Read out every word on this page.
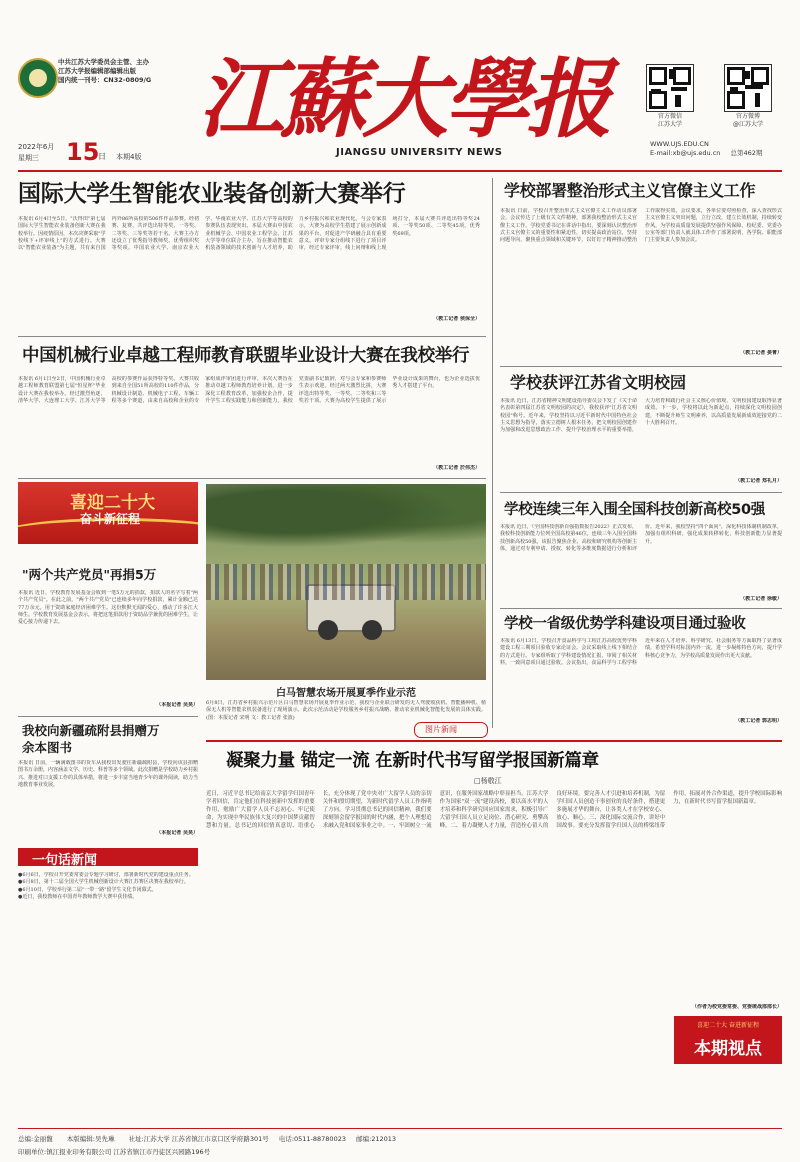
中共江苏大学委员会主管、主办
江苏大学报编辑部编辑出版
国内统一刊号：CN32-0809/G 江蘇大學报
JIANGSU UNIVERSITY NEWS
2022年6月
星期三 15
日 本期4版
官方微信
江苏大学
官方微博
@江苏大学
WWW.UJS.EDU.CN
E-mail:xb@ujs.edu.cn 总第462期
国际大学生智能农业装备创新大赛举行
本报讯 6月4日至5日，"沃得田"第七届国际大学生智能农业装备创新大赛在我校举行。因疫情原因，本次决赛采取"学校线下+评审线上"的方式进行。大赛以"智能农业装备"为主题，共有来自国内外86所高校的506件作品参赛。经初赛、复赛，共评选出特等奖、一等奖、二等奖、三等奖等若干名。大赛主办方还设立了优秀指导教师奖、优秀组织奖等奖项。中国农业大学、南京农业大学、华南农业大学、江苏大学等高校的参赛队伍表现突出。本届大赛由中国农业机械学会、中国农业工程学会、江苏大学等单位联合主办，旨在推动智能农机装备领域的技术创新与人才培养，助力乡村振兴和农业现代化。与会专家表示，大赛为高校学生搭建了展示创新成果的平台，对促进产学研融合具有重要意义。评审专家分组线下进行了项目评审，经过专家评审，线上问辩和线上现场打分，本届大赛共评选出特等奖24项、一等奖50项、二等奖45项，优秀奖69项。
（教工记者 侯保全）
中国机械行业卓越工程师教育联盟毕业设计大赛在我校举行
本报讯 6月1日至2日，中国机械行业卓越工程师教育联盟第七届"恒星杯"毕业设计大赛在我校举办。经过激烈角逐，清华大学、大连理工大学、江苏大学等高校的参赛作品获得特等奖。大赛共收到来自全国51所高校的110件作品，分机械设计制造、机械电子工程、车辆工程等多个赛道，由来自高校和企业的专家组成评审团进行评审。本次大赛旨在推动卓越工程师教育培养计划，进一步深化工程教育改革，加强校企合作，提升学生工程实践能力和创新能力。我校党委副书记致辞，对与会专家和参赛师生表示欢迎。经过两天激烈比拼，大赛评选出特等奖、一等奖、二等奖和三等奖若干项。大赛为高校学生提供了展示毕业设计成果的舞台，也为企业选拔优秀人才搭建了平台。
（教工记者 於伟杰）
学校部署整治形式主义官僚主义工作
本报讯 日前，学校召开整治形式主义官僚主义工作动员部署会，会议传达了上级有关文件精神，部署我校整治形式主义官僚主义工作。学校党委书记在讲话中指出，要深刻认识整治形式主义官僚主义的重要性和紧迫性，切实提高政治站位，坚持问题导向，聚焦重点领域和关键环节，以钉钉子精神推动整治工作取得实效。会议要求，各单位要对照检查，深入查找形式主义官僚主义突出问题，立行立改，建立长效机制，持续转变作风，为学校高质量发展提供坚强作风保障。校纪委、党委办公室等部门负责人就具体工作作了部署说明，各学院、职能部门主要负责人参加会议。
（教工记者 晏菁）
学校获评江苏省文明校园
本报讯 近日，江苏省精神文明建设指导委员会下发了《关于命名表彰第四届江苏省文明校园的决定》，我校获评"江苏省文明校园"称号。近年来，学校坚持以习近平新时代中国特色社会主义思想为指导，落实立德树人根本任务，把文明校园创建作为加强和改进思想政治工作、提升学校治理水平的重要举措，大力培育和践行社会主义核心价值观，文明校园建设取得显著成效。下一步，学校将以此为新起点，持续深化文明校园创建，不断提升师生文明素养，以高质量发展新成效迎接党的二十大胜利召开。
（教工记者 郑礼月）
学校连续三年入围全国科技创新高校50强
本报讯 近日，《全国科技创新百强指数报告2022》正式发布，我校科技创新能力位列全国高校第46位，连续三年入围全国科技创新高校50强。该报告聚焦企业、高校和研究机构等创新主体，通过对专利申请、授权、转化等多维度数据进行分析和评价。近年来，我校坚持"四个面向"，深化科技体制机制改革，加强有组织科研，强化成果转移转化，科技创新能力显著提升。
（教工记者 徐敏）
学校一省级优势学科建设项目通过验收
本报讯 6月13日，学校召开食品科学与工程江苏高校优势学科建设工程三期项目验收专家论证会。会议采取线上线下相结合的方式进行。专家组听取了学科建设情况汇报，审阅了相关材料，一致同意项目通过验收。会议指出，食品科学与工程学科近年来在人才培养、科学研究、社会服务等方面取得了显著成绩，希望学科对标国内外一流，进一步凝练特色方向，提升学科核心竞争力，为学校高质量发展作出更大贡献。
（教工记者 郭志明）
喜迎二十大
奋斗新征程
"两个共产党员"再捐5万
本报讯 近日，学校教育发展基金会收到一笔5万元的捐款，捐款人的名字写着"两个共产党员"。在此之前，"两个共产党员"已连续多年向学校捐款，累计金额已达77万余元，用于资助家庭经济困难学生。这份默默无闻的爱心，感动了许多江大师生。学校教育发展基金会表示，将把这笔捐款用于资助品学兼优的困难学生，让爱心接力传递下去。
（本报记者 吴昊）
我校向新疆疏附县捐赠万余本图书
本报讯 日前，一辆满载图书的货车从我校出发驶往新疆疏附县，学校向该县捐赠图书万余册，内容涵盖文学、历史、科普等多个领域。此次捐赠是学校助力乡村振兴、推进对口支援工作的具体举措，将进一步丰富当地青少年的课外阅读，助力当地教育事业发展。
（本报记者 吴昊）
一句话新闻
●6月6日，学校召开党委常委会专题学习研讨，部署新时代党的建设重点任务。
●6月8日，第十二届全国大学生机械创新设计大赛江苏赛区决赛在我校举行。
●6月10日，学校举行第二届"一带一路"留学生文化节闭幕式。
●近日，我校教师在中国青年教师教学大赛中获佳绩。
白马智慧农场开展夏季作业示范
6月8日，江苏省乡村振兴示范片区白马智慧农场开展夏季作业示范，我校与企业联合研发的无人驾驶收获机、智能播种机、植保无人机等智能农机装备进行了现场演示。此次示范活动是学校服务乡村振兴战略、推动农业机械化智能化发展的具体实践。(图：本报记者 宋明 文：教工记者 张波)
图片新闻
凝聚力量 锚定一流 在新时代书写留学报国新篇章
□杨敬江
近日，习近平总书记给南京大学留学归国青年学者回信，肯定他们在科技创新中发挥的重要作用，勉励广大留学人员不忘初心、牢记使命，为实现中华民族伟大复兴的中国梦贡献智慧和力量。总书记的回信情真意切、语重心长，充分体现了党中央对广大留学人员的亲切关怀和殷切期望，为新时代留学人员工作指明了方向。学习贯彻总书记的回信精神，我们要深刻领会留学报国的时代内涵，把个人理想追求融入党和国家事业之中。一、牢固树立一流意识，在服务国家战略中彰显担当。江苏大学作为国家"双一流"建设高校，要以高水平的人才培养和科学研究回应国家需求，积极引导广大留学归国人员立足岗位、潜心研究、勇攀高峰。二、着力凝聚人才力量，营造拴心留人的良好环境。要完善人才引进和培养机制，为留学归国人员创造干事创业的良好条件，搭建更多施展才华的舞台，让各类人才在学校安心、放心、顺心。三、深化国际交流合作，讲好中国故事。要充分发挥留学归国人员的桥梁纽带作用，拓展对外合作渠道，提升学校国际影响力，在新时代书写留学报国新篇章。
（作者为校党委常委、党委统战部部长）
喜迎二十大 奋进新征程
本期视点
总编:金丽馥 本版编辑:吴先琳 社址:江苏大学 江苏省镇江市京口区学府路301号 电话:0511-88780023 邮编:212013
印刷单位:镇江报业印务有限公司 江苏省镇江市丹徒区兴园路196号
